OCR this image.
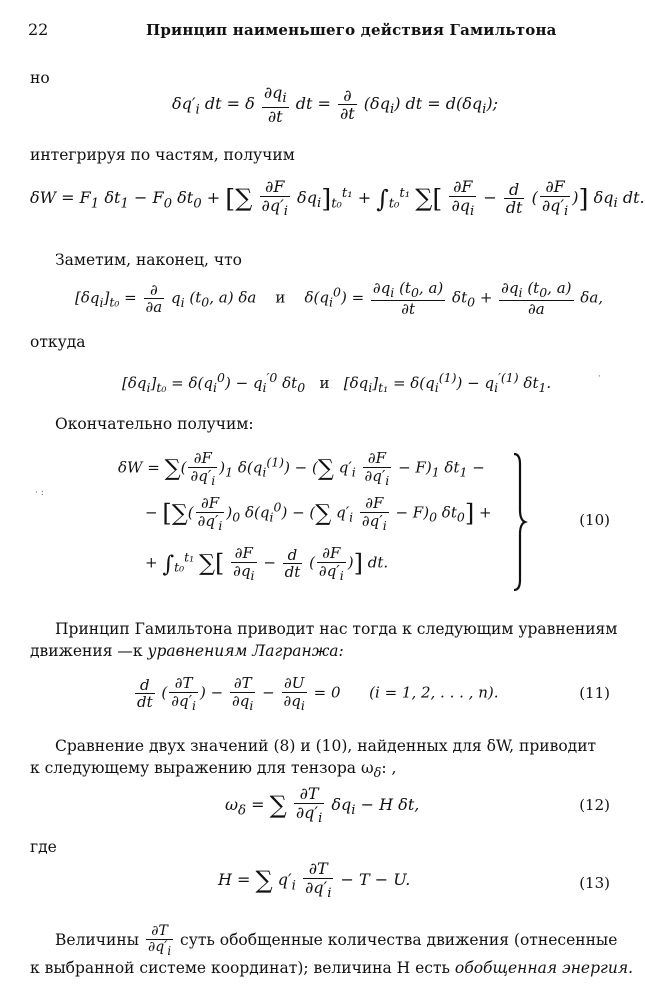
22	Принцип наименьшего действия Гамильтона
но
$\delta q'_i$ dt = δ $\frac{\partial q_i}{\partial t}$ dt = $\frac{\partial}{\partial t} (\delta q_i)$ dt = $d(\delta q_i)$;
интегрируя по частям, получим
$\delta W = F_1$ $\delta t_1 - F_0$ $\delta t_0$ + [∑ $\frac{\partial F}{\partial q'_i} \delta q_i]_{t_0}^{t_1} + \int_{t_0}^{t_1}$ ∑[ $\frac{\partial F}{\partial q_i} - \frac{d}{dt}$ ( $\frac{\partial F}{\partial q'_i}$ )] $\delta q_i$ dt.
Заметим, наконец, что
$[\delta q_i]_{t_0} = \frac{\partial}{\partial a} q_i$ ($t_0$, a) δa    и    $\delta(q_i^0) = \frac{\partial q_i (t_0, a)}{\partial t} \delta t_0 + \frac{\partial q_i (t_0, a)}{\partial a} \delta a$,
откуда
$[\delta q_i]_{t_0} = \delta(q_i^0) - q_i^{'0}$ $\delta t_0$   и   $[\delta q_i]_{t_1} = \delta(q_i^{(1)}) - q_i^{'(1)}$ $\delta t_1$.
Окончательно получим:
δW = ∑( $\frac{\partial F}{\partial q'_i} )_1$ $\delta(q_i^{(1)})$ − (∑ $q'_i \frac{\partial F}{\partial q'_i} - F)_1$ $\delta t_1$ −
− [∑( $\frac{\partial F}{\partial q'_i} )_0$ $\delta(q_i^0)$ − (∑ $q'_i \frac{\partial F}{\partial q'_i} - F)_0$ $\delta t_0$] +
+ $\int_{t_0}^{t_1}$ ∑[ $\frac{\partial F}{\partial q_i} - \frac{d}{dt}$ ( $\frac{\partial F}{\partial q'_i}$ )] dt.
(10)
· :
·
Принцип Гамильтона приводит нас тогда к следующим уравнениям
движения —к уравнениям Лагранжа:
$\frac{d}{dt}$ ( $\frac{\partial T}{\partial q'_i}$ ) − $\frac{\partial T}{\partial q_i} - \frac{\partial U}{\partial q_i} = 0$      (i = 1, 2, . . . , n).	(11)
Сравнение двух значений (8) и (10), найденных для δW, приводит
к следующему выражению для тензора $\omega_\delta$: ,
$\omega_\delta$ = ∑ $\frac{\partial T}{\partial q'_i} \delta q_i - H$ δt,	(12)
где
H = ∑ $q'_i \frac{\partial T}{\partial q'_i} - T - U$.	(13)
Величины $\frac{\partial T}{\partial q'_i}$ суть обобщенные количества движения (отнесенные
к выбранной системе координат); величина H есть обобщенная энергия.
